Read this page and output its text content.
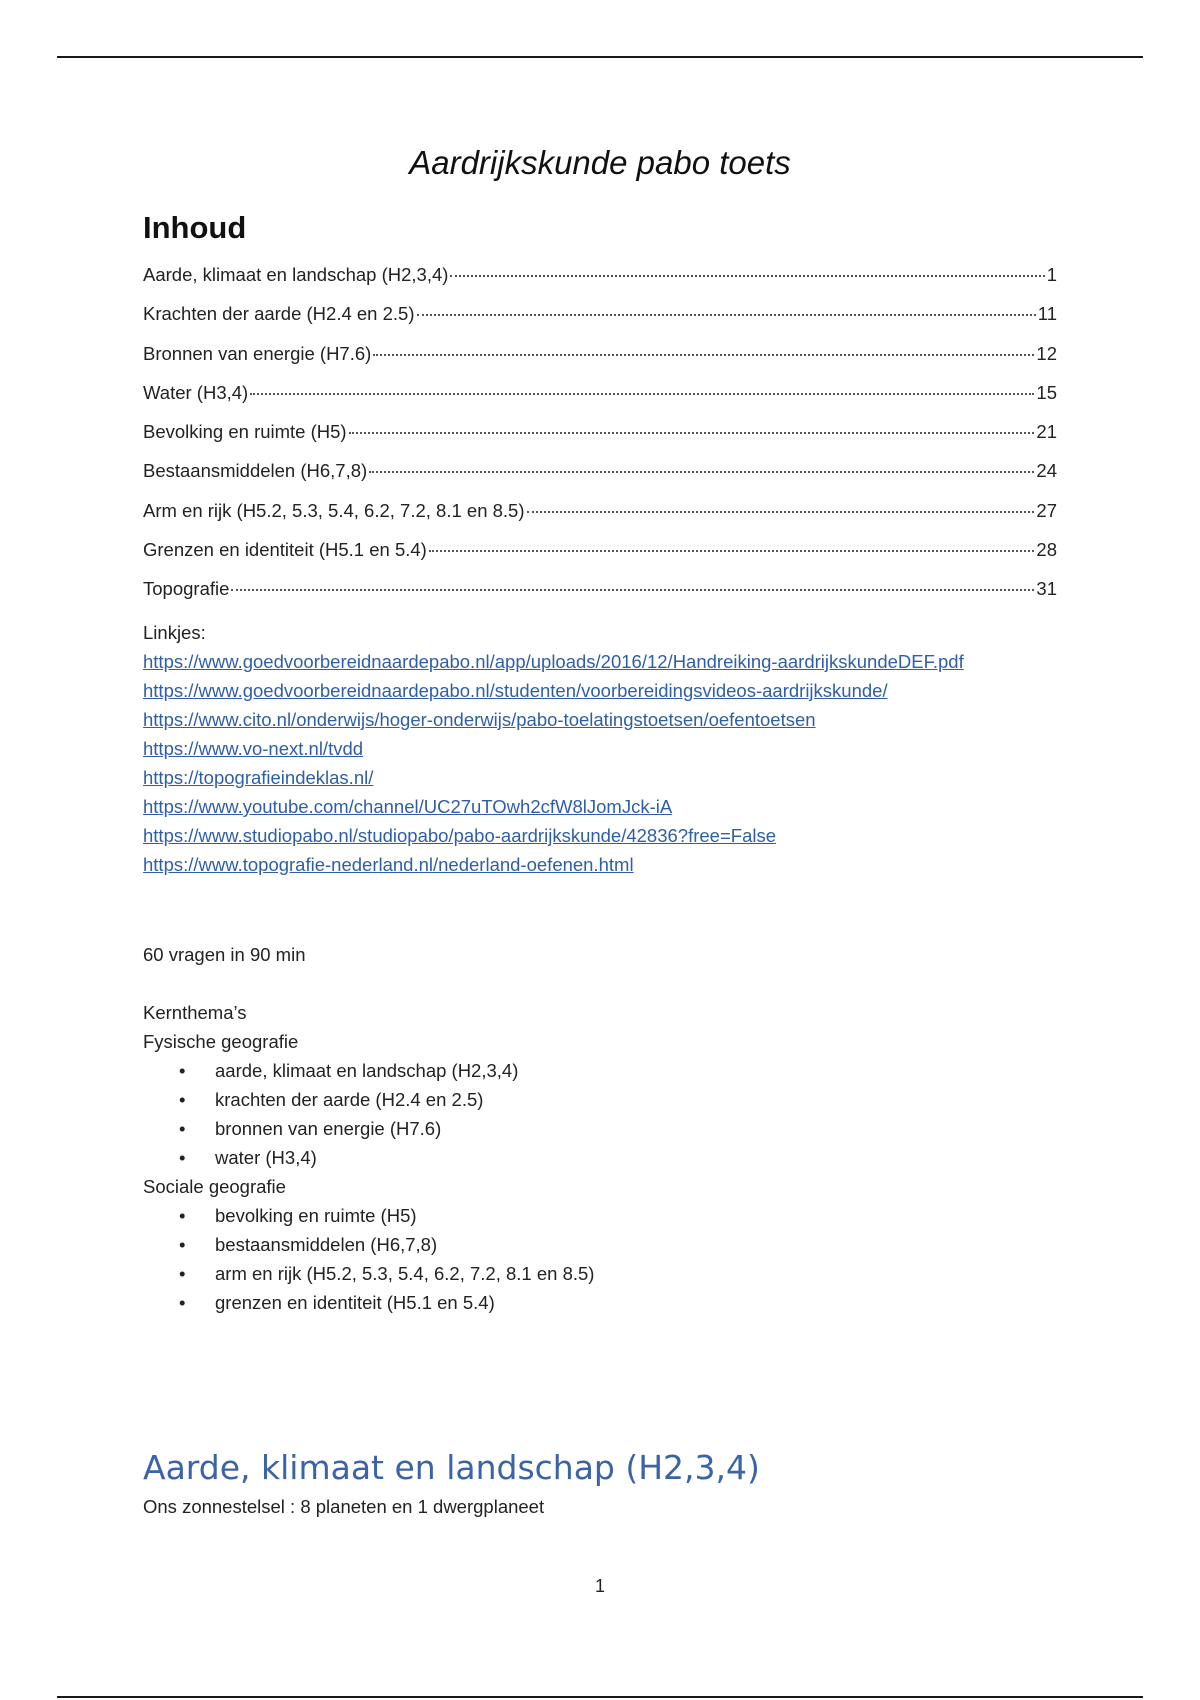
Aardrijkskunde pabo toets
Inhoud
Aarde, klimaat en landschap (H2,3,4)	1
Krachten der aarde (H2.4 en 2.5)	11
Bronnen van energie (H7.6)	12
Water (H3,4)	15
Bevolking en ruimte (H5)	21
Bestaansmiddelen (H6,7,8)	24
Arm en rijk (H5.2, 5.3, 5.4, 6.2, 7.2, 8.1 en 8.5)	27
Grenzen en identiteit (H5.1 en 5.4)	28
Topografie	31
Linkjes:
https://www.goedvoorbereidnaardepabo.nl/app/uploads/2016/12/Handreiking-aardrijkskundeDEF.pdf
https://www.goedvoorbereidnaardepabo.nl/studenten/voorbereidingsvideos-aardrijkskunde/
https://www.cito.nl/onderwijs/hoger-onderwijs/pabo-toelatingstoetsen/oefentoetsen
https://www.vo-next.nl/tvdd
https://topografieindeklas.nl/
https://www.youtube.com/channel/UC27uTOwh2cfW8lJomJck-iA
https://www.studiopabo.nl/studiopabo/pabo-aardrijkskunde/42836?free=False
https://www.topografie-nederland.nl/nederland-oefenen.html
60 vragen in 90 min
Kernthema’s
Fysische geografie
• aarde, klimaat en landschap (H2,3,4)
• krachten der aarde (H2.4 en 2.5)
• bronnen van energie (H7.6)
• water (H3,4)
Sociale geografie
• bevolking en ruimte (H5)
• bestaansmiddelen (H6,7,8)
• arm en rijk (H5.2, 5.3, 5.4, 6.2, 7.2, 8.1 en 8.5)
• grenzen en identiteit (H5.1 en 5.4)
Aarde, klimaat en landschap (H2,3,4)
Ons zonnestelsel : 8 planeten en 1 dwergplaneet
1
